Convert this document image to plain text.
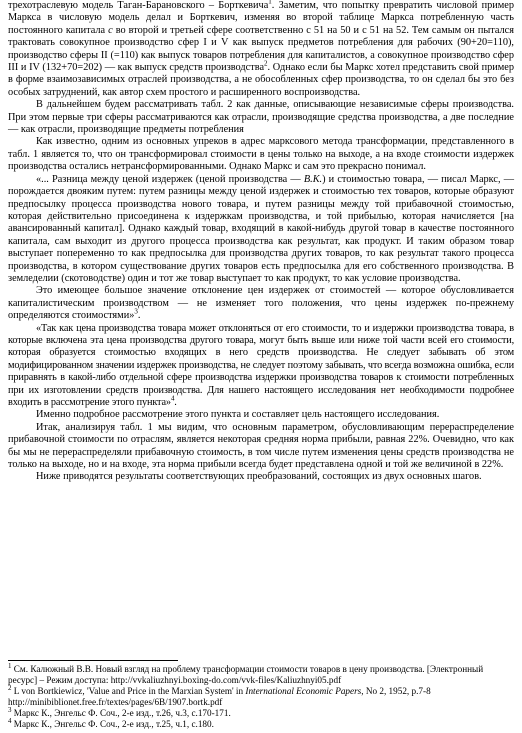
трехотраслевую модель Таган-Барановского – Борткевича$^1$. Заметим, что попытку превратить числовой пример Маркса в числовую модель делал и Борткевич, изменяя во второй таблице Маркса потребленную часть постоянного капитала c во второй и третьей сфере соответственно с 51 на 50 и с 51 на 52. Тем самым он пытался трактовать совокупное производство сфер I и V как выпуск предметов потребления для рабочих (90+20=110), производство сферы II (=110) как выпуск товаров потребления для капиталистов, а совокупное производство сфер III и IV (132+70=202) — как выпуск средств производства$^2$. Однако если бы Маркс хотел представить свой пример в форме взаимозависимых отраслей производства, а не обособленных сфер производства, то он сделал бы это без особых затруднений, как автор схем простого и расширенного воспроизводства.

В дальнейшем будем рассматривать табл. 2 как данные, описывающие независимые сферы производства. При этом первые три сферы рассматриваются как отрасли, производящие средства производства, а две последние — как отрасли, производящие предметы потребления

Как известно, одним из основных упреков в адрес марксового метода трансформации, представленного в табл. 1 является то, что он трансформировал стоимости в цены только на выходе, а на входе стоимости издержек производства остались нетрансформированными. Однако Маркс и сам это прекрасно понимал.

«... Разница между ценой издержек (ценой производства — В.К.) и стоимостью товара, — писал Маркс, — порождается двояким путем: путем разницы между ценой издержек и стоимостью тех товаров, которые образуют предпосылку процесса производства нового товара, и путем разницы между той прибавочной стоимостью, которая действительно присоединена к издержкам производства, и той прибылью, которая начисляется [на авансированный капитал]. Однако каждый товар, входящий в какой-нибудь другой товар в качестве постоянного капитала, сам выходит из другого процесса производства как результат, как продукт. И таким образом товар выступает попеременно то как предпосылка для производства других товаров, то как результат такого процесса производства, в котором существование других товаров есть предпосылка для его собственного производства. В земледелии (скотоводстве) один и тот же товар выступает то как продукт, то как условие производства.

Это имеющее большое значение отклонение цен издержек от стоимостей — которое обусловливается капиталистическим производством — не изменяет того положения, что цены издержек по-прежнему определяются стоимостями»$^3$.

«Так как цена производства товара может отклоняться от его стоимости, то и издержки производства товара, в которые включена эта цена производства другого товара, могут быть выше или ниже той части всей его стоимости, которая образуется стоимостью входящих в него средств производства. Не следует забывать об этом модифицированном значении издержек производства, не следует поэтому забывать, что всегда возможна ошибка, если приравнять в какой-либо отдельной сфере производства издержки производства товаров к стоимости потребленных при их изготовлении средств производства. Для нашего настоящего исследования нет необходимости подробнее входить в рассмотрение этого пункта»$^4$.

Именно подробное рассмотрение этого пункта и составляет цель настоящего исследования.

Итак, анализируя табл. 1 мы видим, что основным параметром, обусловливающим перераспределение прибавочной стоимости по отраслям, является некоторая средняя норма прибыли, равная 22%. Очевидно, что как бы мы не перераспределяли прибавочную стоимость, в том числе путем изменения цены средств производства не только на выходе, но и на входе, эта норма прибыли всегда будет представлена одной и той же величиной в 22%.

Ниже приводятся результаты соответствующих преобразований, состоящих из двух основных шагов.

$^1$ См. Калюжный В.В. Новый взгляд на проблему трансформации стоимости товаров в цену производства. [Электронный ресурс] – Режим доступа: http://vvkaliuzhnyi.boxing-do.com/vvk-files/Kaliuzhnyi05.pdf

$^2$ L von Bortkiewicz, 'Value and Price in the Marxian System' in International Economic Papers, No 2, 1952, p.7-8 http://minibiblionet.free.fr/textes/pages/6B/1907.bortk.pdf

$^3$ Маркс К., Энгельс Ф. Соч., 2-е изд., т.26, ч.3, с.170-171.

$^4$ Маркс К., Энгельс Ф. Соч., 2-е изд., т.25, ч.1, с.180.
